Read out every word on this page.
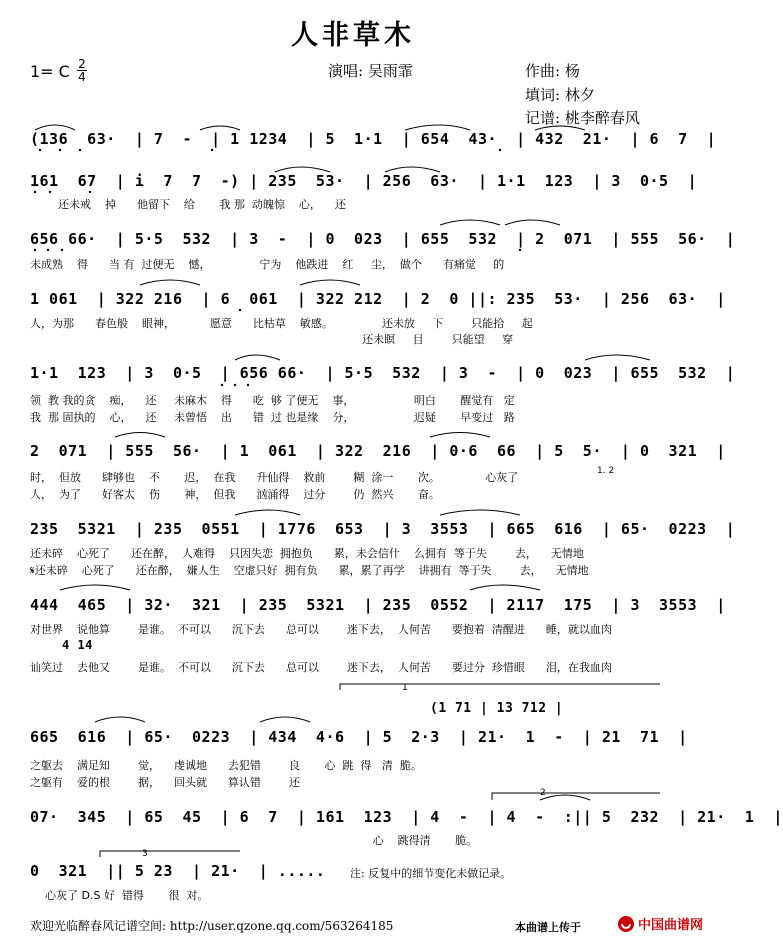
人非草木
1= C $\frac{2}{4}$	演唱: 吴雨霏	作曲: 杨
填词: 林夕
记谱: 桃李醉春风
(136  63·  | 7  -  | 1 1234  | 5  1·1  | 654  43·  | 432  21·  | 6  7  |
161  67  | i  7  7  -) | 235  53·  | 256  63·  | 1·1  123  | 3  0·5  |
还未戒    掉      他留下    给       我 那  动魄惊    心，    还
656 66·  | 5·5  532  | 3  -  | 0  023  | 655  532  | 2  071  | 555  56·  |
未成熟    得      当 有  过便无    憾，              宁为    他跌进    红     尘，  做个      有痛觉     的
1 061  | 322 216  | 6  061  | 322 212  | 2  0 ||: 235  53·  | 256  63·  |
人，为那      春色般    眼神，          愿意      比枯草    敏感。              还未放     下        只能拾     起
还未瞑     目        只能望     穿
1·1  123  | 3  0·5  | 656 66·  | 5·5  532  | 3  -  | 0  023  | 655  532  |
领  教 我的贪    痴，    还     未麻木    得      吃  够 了便无    事，                 明白       醒觉有   定
我  那 固执的    心，    还     未曾悟    出      错  过 也是缘    分，                 迟疑       早变过   路
2  071  | 555  56·  | 1  061  | 322  216  | 0·6  66  | 5  5·  | 0  321  |
1. 2
时，  但放      肆够也    不       迟，  在我      升仙得    救前        糊  涂一       次。             心灰了
人，  为了      好客太    伤       神，  但我      汹涌得    过分        仍  然兴       奋。
235  5321  | 235  0551  | 1776  653  | 3  3553  | 665  616  | 65·  0223  |
还未碎    心死了      还在醉，  人难得    只因失恋  拥抱负      累，未会信什    么拥有  等于失        去，    无情地
𝄋还未碎    心死了      还在醉，  嫌人生    空虚只好  拥有负      累，累了再学    讲拥有  等于失        去，    无情地
444  465  | 32·  321  | 235  5321  | 235  0552  | 2117  175  | 3  3553  |
对世界    说他算        是谁。  不可以      沉下去      总可以        迷下去，  人何苦      要抱着  清醒进      睡，就以血肉
4 14
讪笑过    去他又        是谁。  不可以      沉下去      总可以        迷下去，  人何苦      要过分  珍惜眼      泪，在我血肉
1
(1 71 | 13 712 |
665  616  | 65·  0223  | 434  4·6  | 5  2·3  | 21·  1  -  | 21  71  |
之躯去    满足知        觉，    虔诚地      去犯错        良       心  跳  得   清  脆。
之躯有    爱的根        据，    回头就      算认错        还
2
07·  345  | 65  45  | 6  7  | 161  123  | 4  -  | 4  -  :|| 5  232  | 21·  1  |
心    跳得清       脆。
3
0  321  || 5 23  | 21·  | .....
心灰了 D.S 好  错得       很  对。
注: 反复中的细节变化未做记录。
欢迎光临醉春风记谱空间: http://user.qzone.qq.com/563264185	本曲谱上传于	中国曲谱网
